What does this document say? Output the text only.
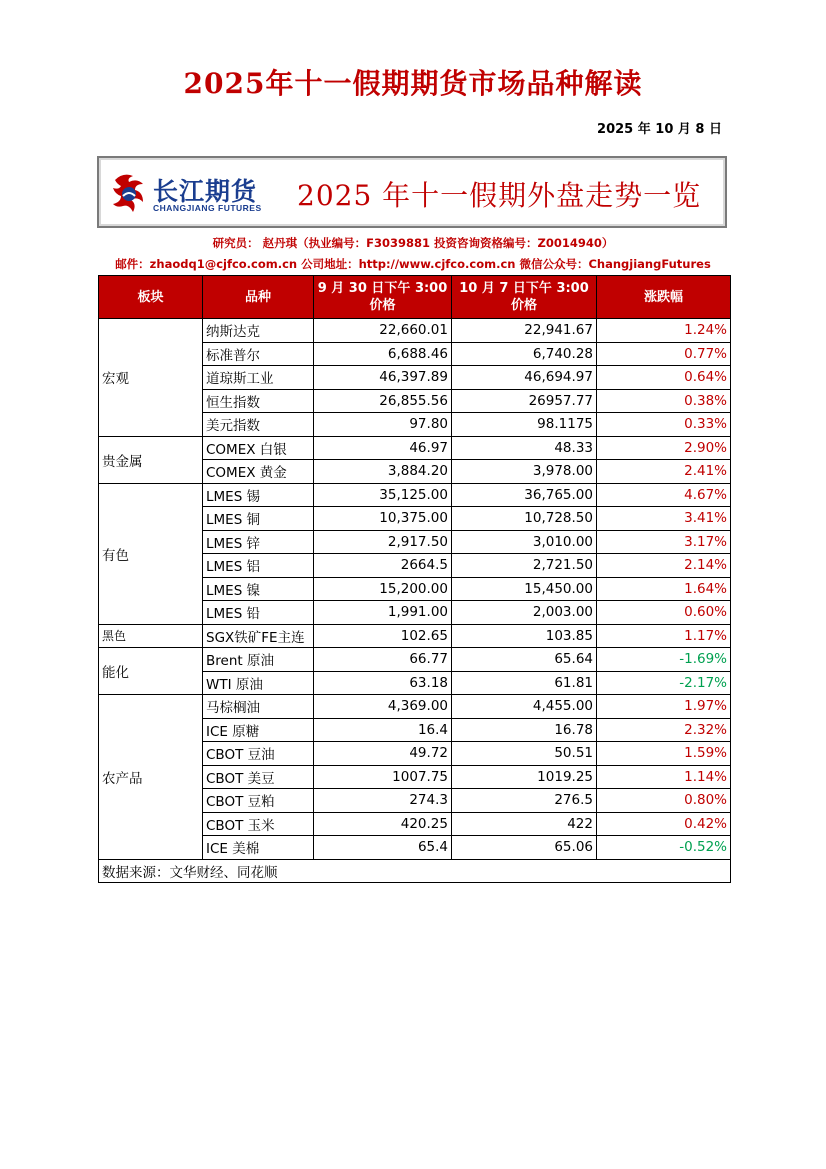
2025年十一假期期货市场品种解读
2025 年 10 月 8 日
长江期货
CHANGJIANG FUTURES 2025 年十一假期外盘走势一览
研究员： 赵丹琪（执业编号：F3039881 投资咨询资格编号：Z0014940）
邮件：zhaodq1@cjfco.com.cn 公司地址：http://www.cjfco.com.cn 微信公众号：ChangjiangFutures
板块	品种	9 月 30 日下午 3:00 价格	10 月 7 日下午 3:00 价格	涨跌幅
宏观	纳斯达克	22,660.01	22,941.67	1.24%
	标准普尔	6,688.46	6,740.28	0.77%
	道琼斯工业	46,397.89	46,694.97	0.64%
	恒生指数	26,855.56	26957.77	0.38%
	美元指数	97.80	98.1175	0.33%
贵金属	COMEX 白银	46.97	48.33	2.90%
	COMEX 黄金	3,884.20	3,978.00	2.41%
有色	LMES 锡	35,125.00	36,765.00	4.67%
	LMES 铜	10,375.00	10,728.50	3.41%
	LMES 锌	2,917.50	3,010.00	3.17%
	LMES 铝	2664.5	2,721.50	2.14%
	LMES 镍	15,200.00	15,450.00	1.64%
	LMES 铅	1,991.00	2,003.00	0.60%
黑色	SGX铁矿FE主连	102.65	103.85	1.17%
能化	Brent 原油	66.77	65.64	-1.69%
	WTI 原油	63.18	61.81	-2.17%
农产品	马棕榈油	4,369.00	4,455.00	1.97%
	ICE 原糖	16.4	16.78	2.32%
	CBOT 豆油	49.72	50.51	1.59%
	CBOT 美豆	1007.75	1019.25	1.14%
	CBOT 豆粕	274.3	276.5	0.80%
	CBOT 玉米	420.25	422	0.42%
	ICE 美棉	65.4	65.06	-0.52%
数据来源：文华财经、同花顺				
